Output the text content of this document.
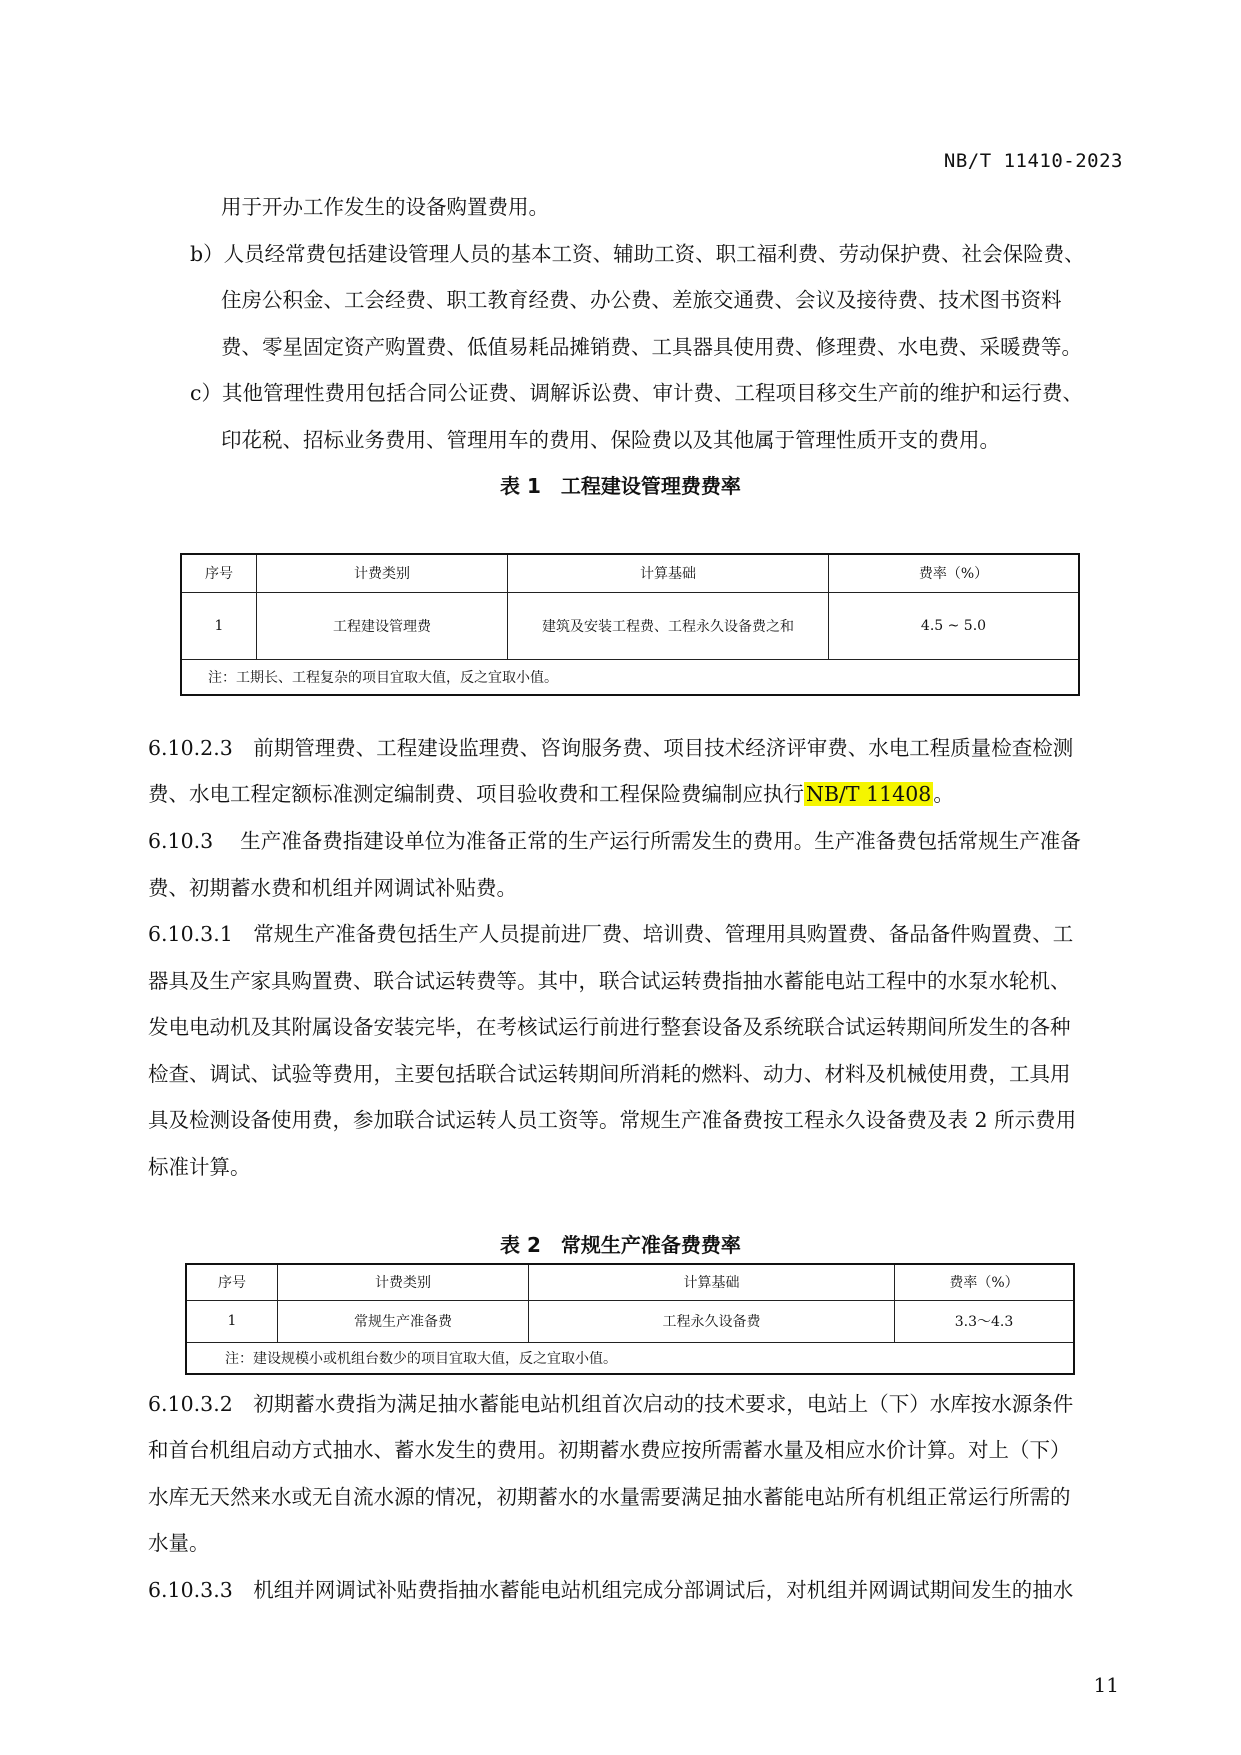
NB/T 11410-2023
用于开办工作发生的设备购置费用。
b）人员经常费包括建设管理人员的基本工资、辅助工资、职工福利费、劳动保护费、社会保险费、
住房公积金、工会经费、职工教育经费、办公费、差旅交通费、会议及接待费、技术图书资料
费、零星固定资产购置费、低值易耗品摊销费、工具器具使用费、修理费、水电费、采暖费等。
c）其他管理性费用包括合同公证费、调解诉讼费、审计费、工程项目移交生产前的维护和运行费、
印花税、招标业务费用、管理用车的费用、保险费以及其他属于管理性质开支的费用。
表 1　工程建设管理费费率
序号	计费类别	计算基础	费率（%）
1	工程建设管理费	建筑及安装工程费、工程永久设备费之和	4.5 ~ 5.0
注：工期长、工程复杂的项目宜取大值，反之宜取小值。			
6.10.2.3　前期管理费、工程建设监理费、咨询服务费、项目技术经济评审费、水电工程质量检查检测
费、水电工程定额标准测定编制费、项目验收费和工程保险费编制应执行NB/T 11408。
6.10.3　 生产准备费指建设单位为准备正常的生产运行所需发生的费用。生产准备费包括常规生产准备
费、初期蓄水费和机组并网调试补贴费。
6.10.3.1　常规生产准备费包括生产人员提前进厂费、培训费、管理用具购置费、备品备件购置费、工
器具及生产家具购置费、联合试运转费等。其中，联合试运转费指抽水蓄能电站工程中的水泵水轮机、
发电电动机及其附属设备安装完毕，在考核试运行前进行整套设备及系统联合试运转期间所发生的各种
检查、调试、试验等费用，主要包括联合试运转期间所消耗的燃料、动力、材料及机械使用费，工具用
具及检测设备使用费，参加联合试运转人员工资等。常规生产准备费按工程永久设备费及表 2 所示费用
标准计算。
表 2　常规生产准备费费率
序号	计费类别	计算基础	费率（%）
1	常规生产准备费	工程永久设备费	3.3～4.3
注：建设规模小或机组台数少的项目宜取大值，反之宜取小值。			
6.10.3.2　初期蓄水费指为满足抽水蓄能电站机组首次启动的技术要求，电站上（下）水库按水源条件
和首台机组启动方式抽水、蓄水发生的费用。初期蓄水费应按所需蓄水量及相应水价计算。对上（下）
水库无天然来水或无自流水源的情况，初期蓄水的水量需要满足抽水蓄能电站所有机组正常运行所需的
水量。
6.10.3.3　机组并网调试补贴费指抽水蓄能电站机组完成分部调试后，对机组并网调试期间发生的抽水
11
